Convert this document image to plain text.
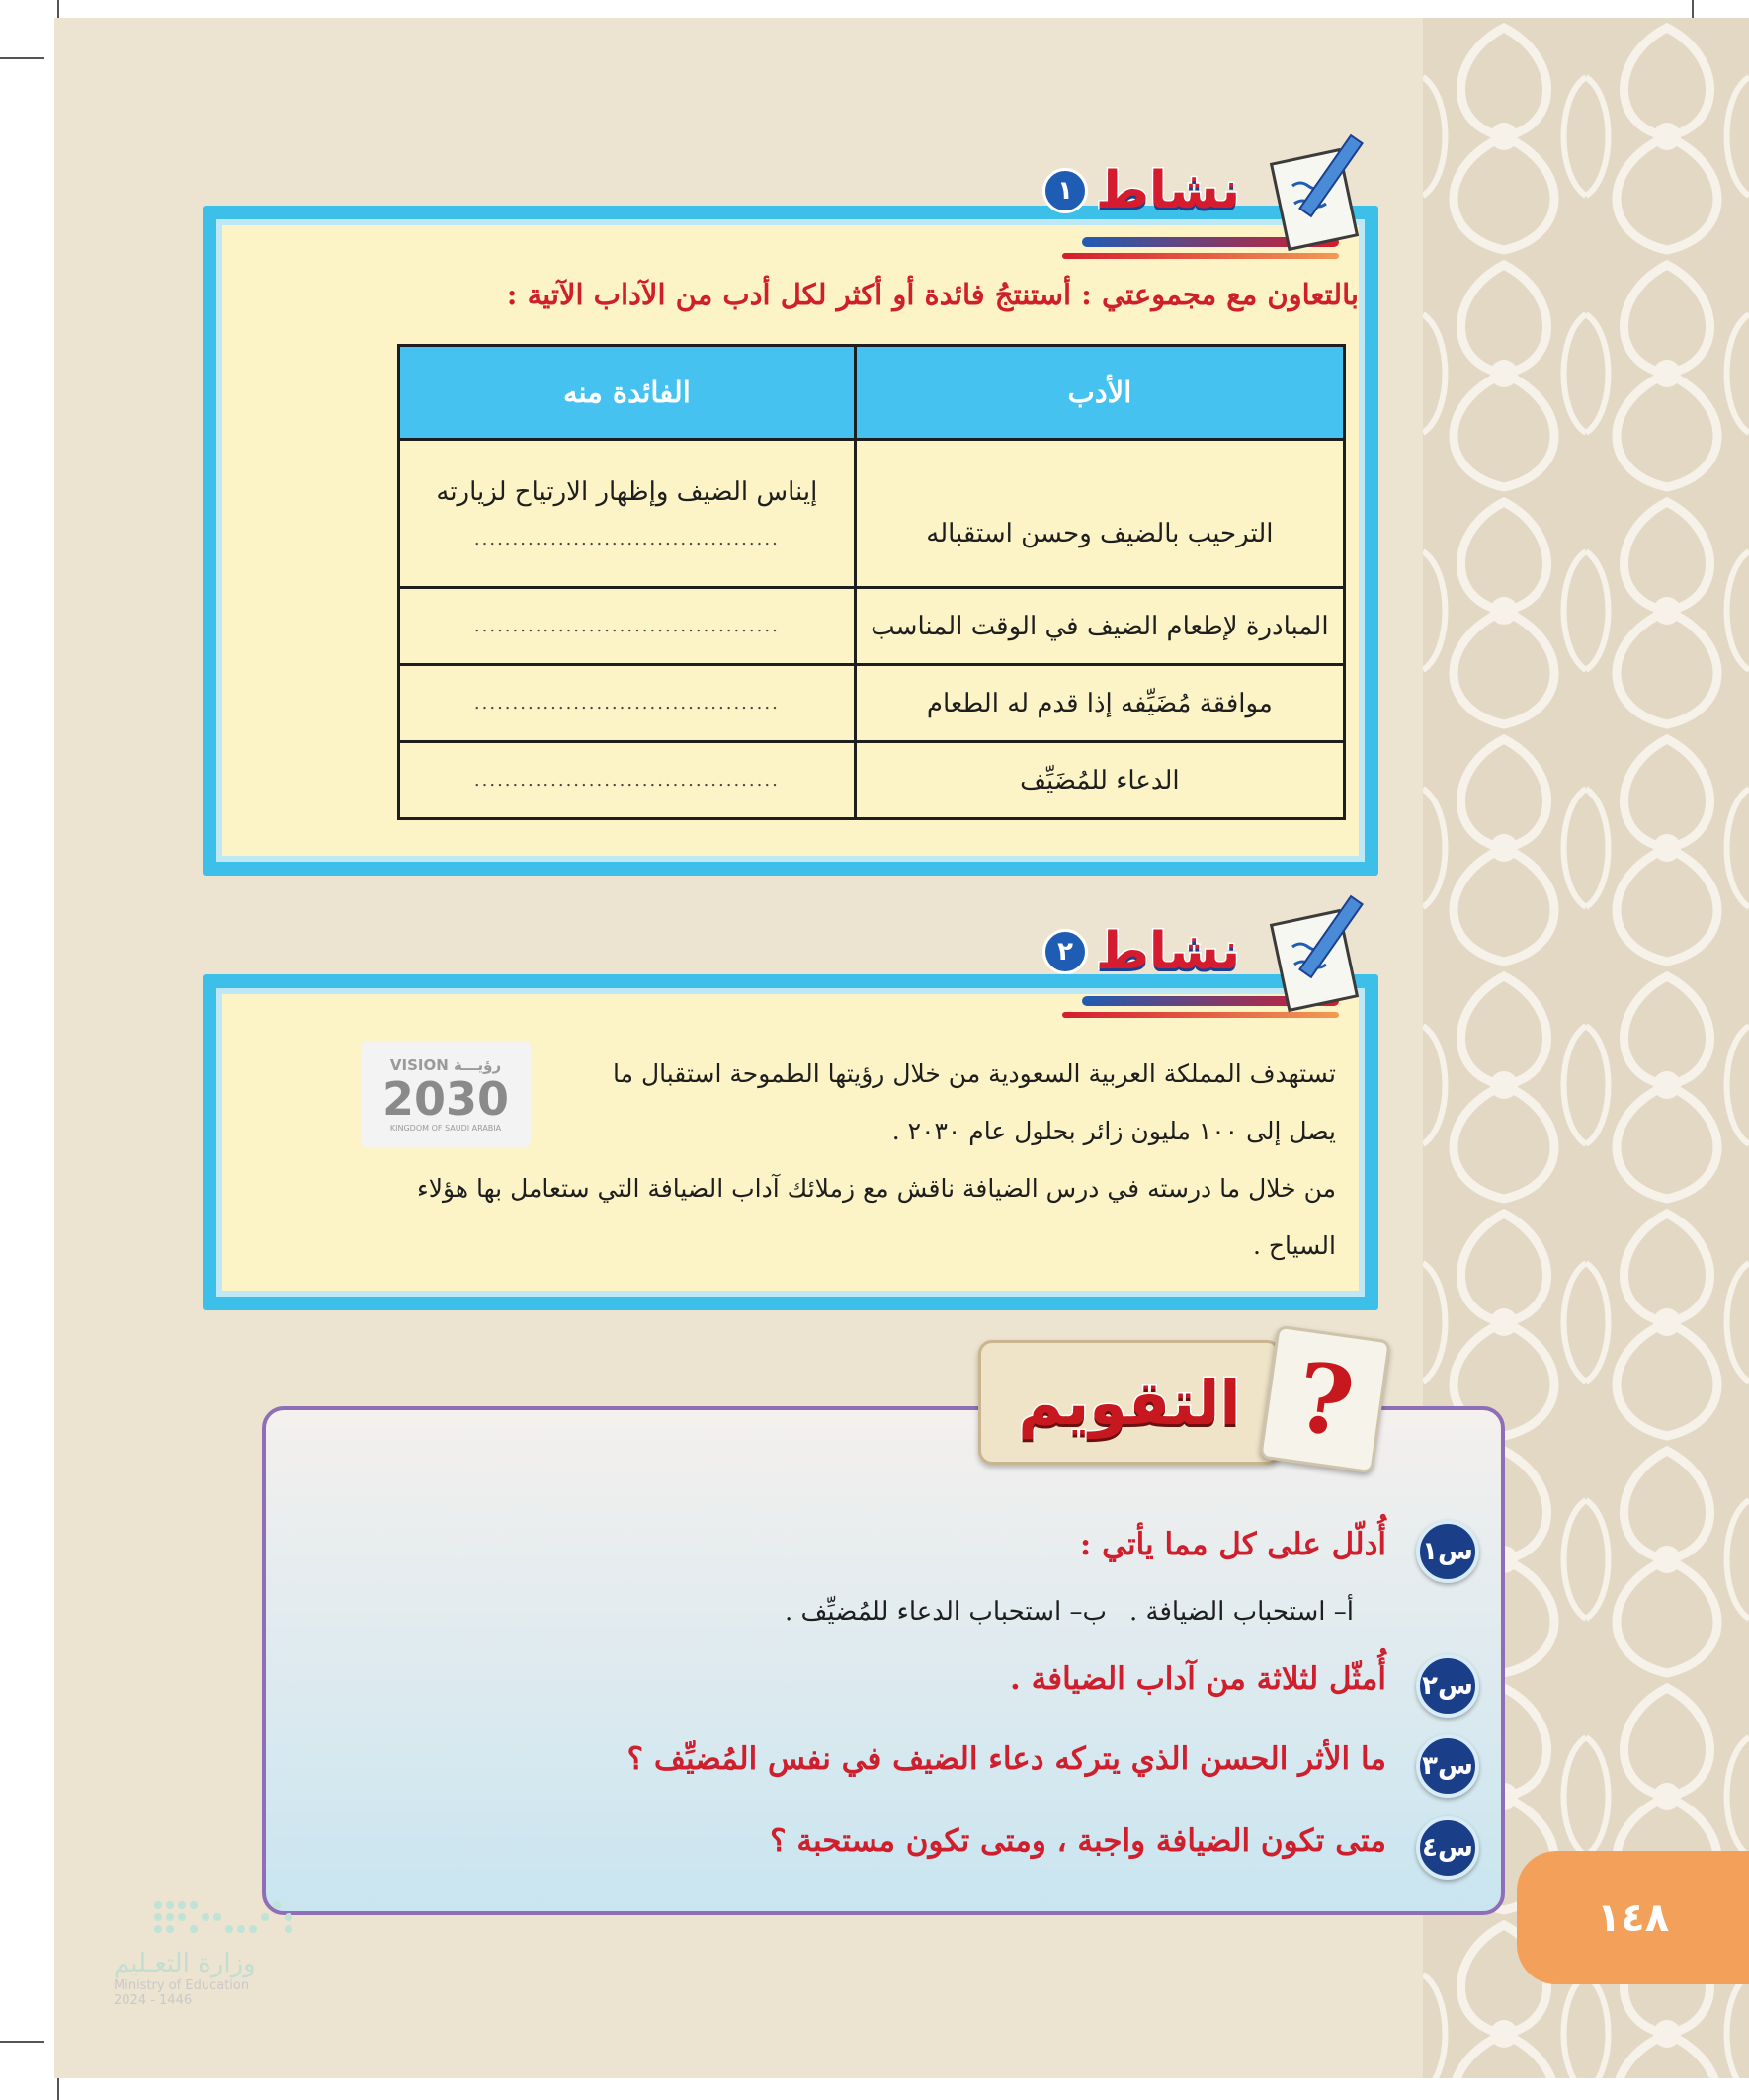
نشاط
١
بالتعاون مع مجموعتي : أستنتجُ فائدة أو أكثر لكل أدب من الآداب الآتية :
الأدب	الفائدة منه
الترحيب بالضيف وحسن استقباله	إيناس الضيف وإظهار الارتياح لزيارته
........................................

المبادرة لإطعام الضيف في الوقت المناسب	........................................

موافقة مُضَيِّفه إذا قدم له الطعام	........................................

الدعاء للمُضَيِّف	........................................
نشاط
٢
VISION رؤيـــة
2030
KINGDOM OF SAUDI ARABIA
تستهدف المملكة العربية السعودية من خلال رؤيتها الطموحة استقبال ما
يصل إلى ١٠٠ مليون زائر بحلول عام ٢٠٣٠ .
من خلال ما درسته في درس الضيافة ناقش مع زملائك آداب الضيافة التي ستعامل بها هؤلاء
السياح .
التقويم ?
س١
أُدلّل على كل مما يأتي :
أ– استحباب الضيافة .
ب– استحباب الدعاء للمُضيِّف .
س٢
أُمثّل لثلاثة من آداب الضيافة .
س٣
ما الأثر الحسن الذي يتركه دعاء الضيف في نفس المُضيِّف ؟
س٤
متى تكون الضيافة واجبة ، ومتى تكون مستحبة ؟
١٤٨
وزارة التعـليم
Ministry of Education
2024 - 1446
